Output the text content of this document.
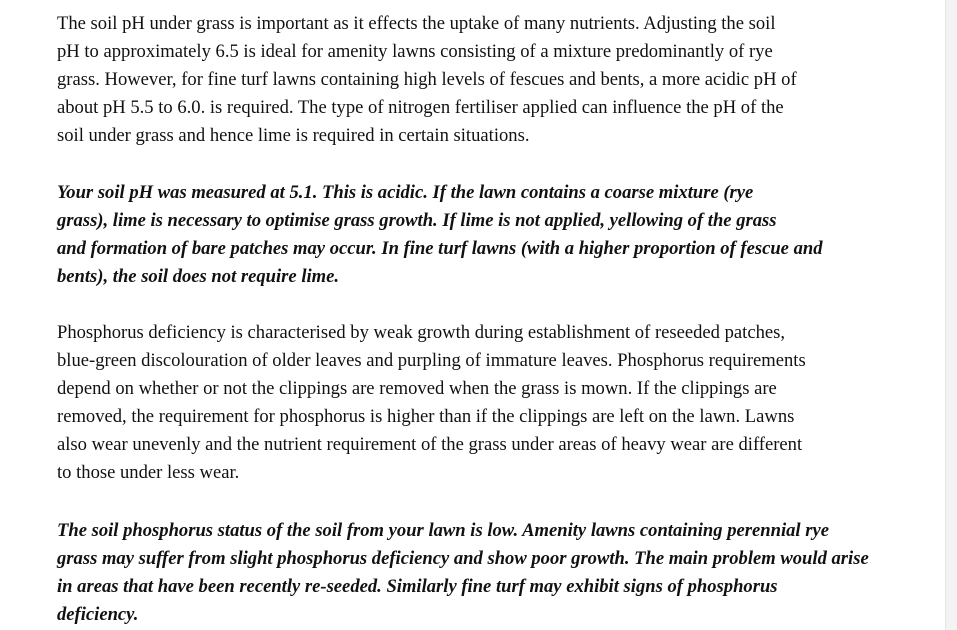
The soil pH under grass is important as it effects the uptake of many nutrients. Adjusting the soil
pH to approximately 6.5 is ideal for amenity lawns consisting of a mixture predominantly of rye
grass. However, for fine turf lawns containing high levels of fescues and bents, a more acidic pH of
about pH 5.5 to 6.0. is required. The type of nitrogen fertiliser applied can influence the pH of the
soil under grass and hence lime is required in certain situations.

Your soil pH was measured at 5.1. This is acidic. If the lawn contains a coarse mixture (rye
grass), lime is necessary to optimise grass growth. If lime is not applied, yellowing of the grass
and formation of bare patches may occur. In fine turf lawns (with a higher proportion of fescue and
bents), the soil does not require lime.

Phosphorus deficiency is characterised by weak growth during establishment of reseeded patches,
blue-green discolouration of older leaves and purpling of immature leaves. Phosphorus requirements
depend on whether or not the clippings are removed when the grass is mown. If the clippings are
removed, the requirement for phosphorus is higher than if the clippings are left on the lawn. Lawns
also wear unevenly and the nutrient requirement of the grass under areas of heavy wear are different
to those under less wear.

The soil phosphorus status of the soil from your lawn is low. Amenity lawns containing perennial rye
grass may suffer from slight phosphorus deficiency and show poor growth. The main problem would arise
in areas that have been recently re-seeded. Similarly fine turf may exhibit signs of phosphorus
deficiency.
